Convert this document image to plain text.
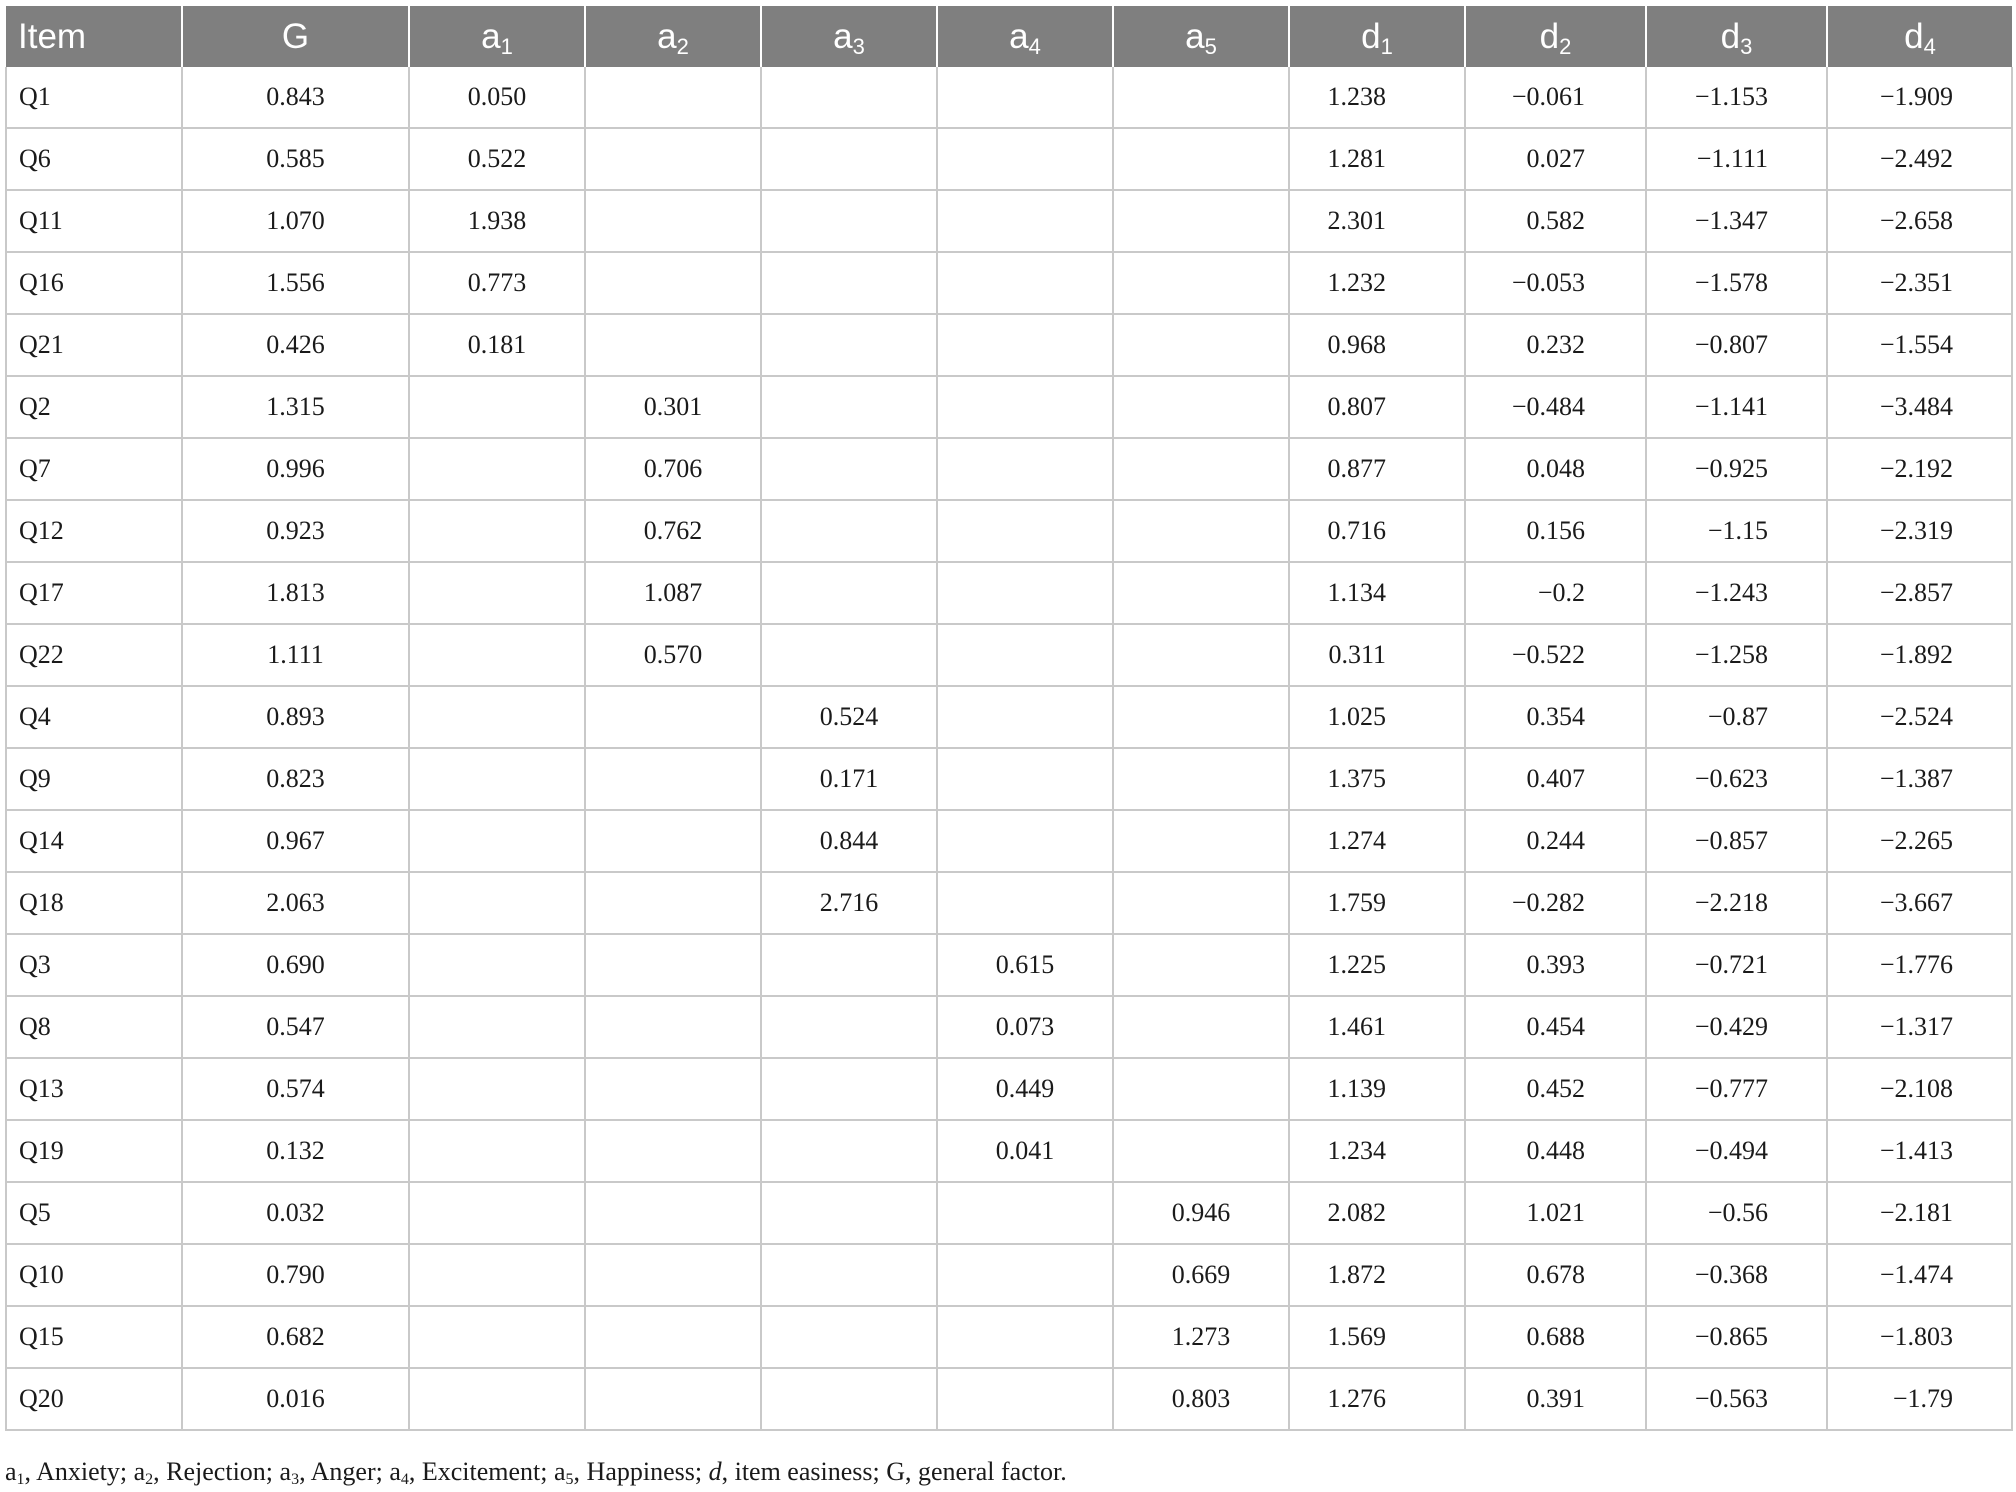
Item	G	$a_1$	$a_2$	$a_3$	$a_4$	$a_5$	$d_1$	$d_2$	$d_3$	$d_4$
Q1	0.843	0.050					1.238	−0.061	−1.153	−1.909
Q6	0.585	0.522					1.281	0.027	−1.111	−2.492
Q11	1.070	1.938					2.301	0.582	−1.347	−2.658
Q16	1.556	0.773					1.232	−0.053	−1.578	−2.351
Q21	0.426	0.181					0.968	0.232	−0.807	−1.554
Q2	1.315		0.301				0.807	−0.484	−1.141	−3.484
Q7	0.996		0.706				0.877	0.048	−0.925	−2.192
Q12	0.923		0.762				0.716	0.156	−1.15	−2.319
Q17	1.813		1.087				1.134	−0.2	−1.243	−2.857
Q22	1.111		0.570				0.311	−0.522	−1.258	−1.892
Q4	0.893			0.524			1.025	0.354	−0.87	−2.524
Q9	0.823			0.171			1.375	0.407	−0.623	−1.387
Q14	0.967			0.844			1.274	0.244	−0.857	−2.265
Q18	2.063			2.716			1.759	−0.282	−2.218	−3.667
Q3	0.690				0.615		1.225	0.393	−0.721	−1.776
Q8	0.547				0.073		1.461	0.454	−0.429	−1.317
Q13	0.574				0.449		1.139	0.452	−0.777	−2.108
Q19	0.132				0.041		1.234	0.448	−0.494	−1.413
Q5	0.032					0.946	2.082	1.021	−0.56	−2.181
Q10	0.790					0.669	1.872	0.678	−0.368	−1.474
Q15	0.682					1.273	1.569	0.688	−0.865	−1.803
Q20	0.016					0.803	1.276	0.391	−0.563	−1.79
$a_1$, Anxiety; $a_2$, Rejection; $a_3$, Anger; $a_4$, Excitement; $a_5$, Happiness; d, item easiness; G, general factor.
